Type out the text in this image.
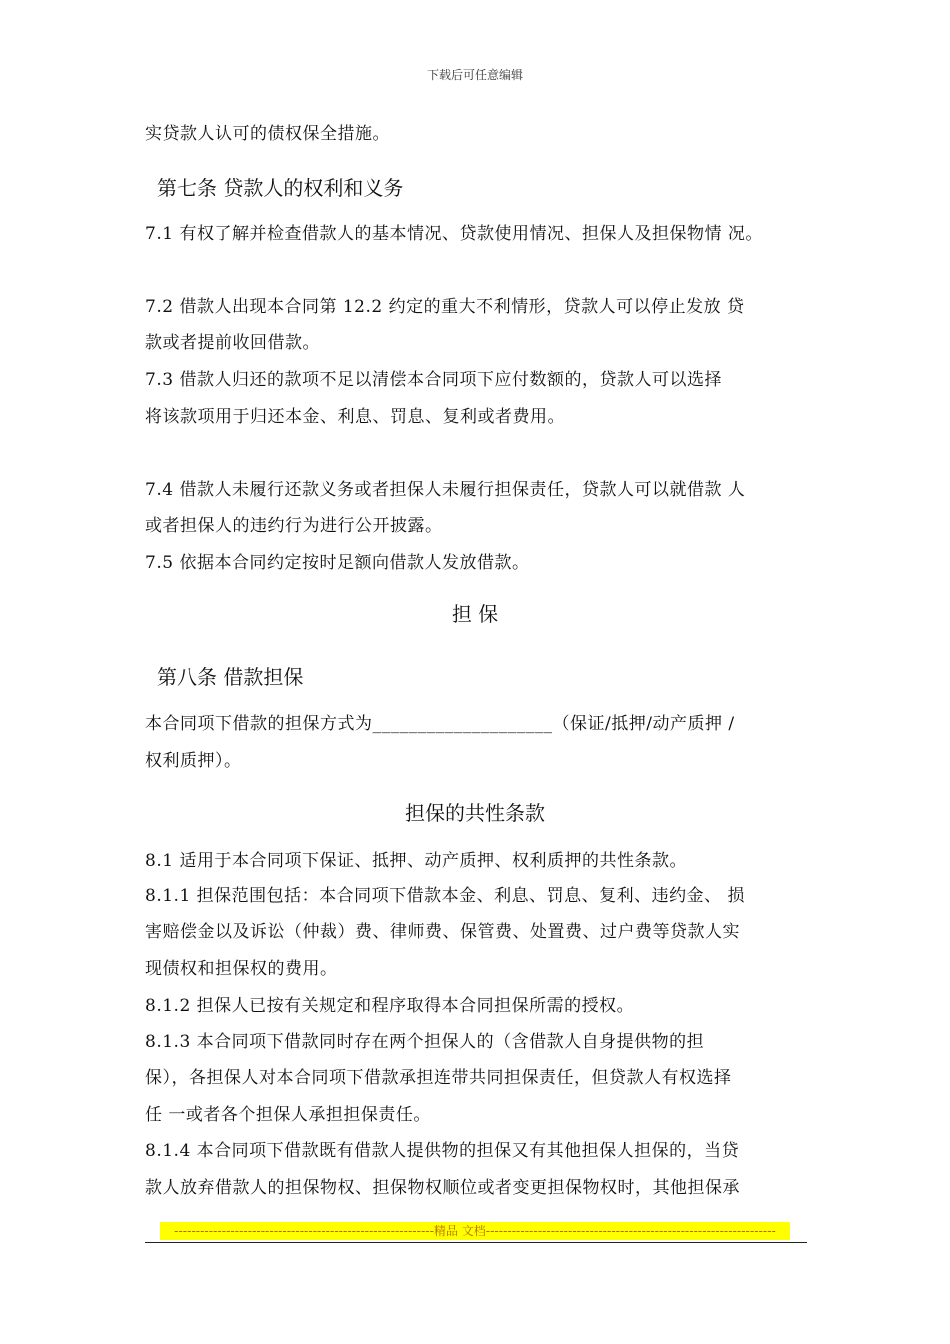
下载后可任意编辑
实贷款人认可的债权保全措施。
第七条 贷款人的权利和义务
7.1 有权了解并检查借款人的基本情况、贷款使用情况、担保人及担保物情 况。
7.2 借款人出现本合同第 12.2 约定的重大不利情形，贷款人可以停止发放 贷
款或者提前收回借款。
7.3 借款人归还的款项不足以清偿本合同项下应付数额的，贷款人可以选择
将该款项用于归还本金、利息、罚息、复利或者费用。
7.4 借款人未履行还款义务或者担保人未履行担保责任，贷款人可以就借款 人
或者担保人的违约行为进行公开披露。
7.5 依据本合同约定按时足额向借款人发放借款。
担 保
第八条 借款担保
本合同项下借款的担保方式为____________________（保证/抵押/动产质押 /
权利质押）。
担保的共性条款
8.1 适用于本合同项下保证、抵押、动产质押、权利质押的共性条款。
8.1.1 担保范围包括：本合同项下借款本金、利息、罚息、复利、违约金、 损
害赔偿金以及诉讼（仲裁）费、律师费、保管费、处置费、过户费等贷款人实
现债权和担保权的费用。
8.1.2 担保人已按有关规定和程序取得本合同担保所需的授权。
8.1.3 本合同项下借款同时存在两个担保人的（含借款人自身提供物的担
保），各担保人对本合同项下借款承担连带共同担保责任，但贷款人有权选择
任 一或者各个担保人承担担保责任。
8.1.4 本合同项下借款既有借款人提供物的担保又有其他担保人担保的，当贷
款人放弃借款人的担保物权、担保物权顺位或者变更担保物权时，其他担保承
------------------------------------------------------------精品 文档-------------------------------------------------------------------
